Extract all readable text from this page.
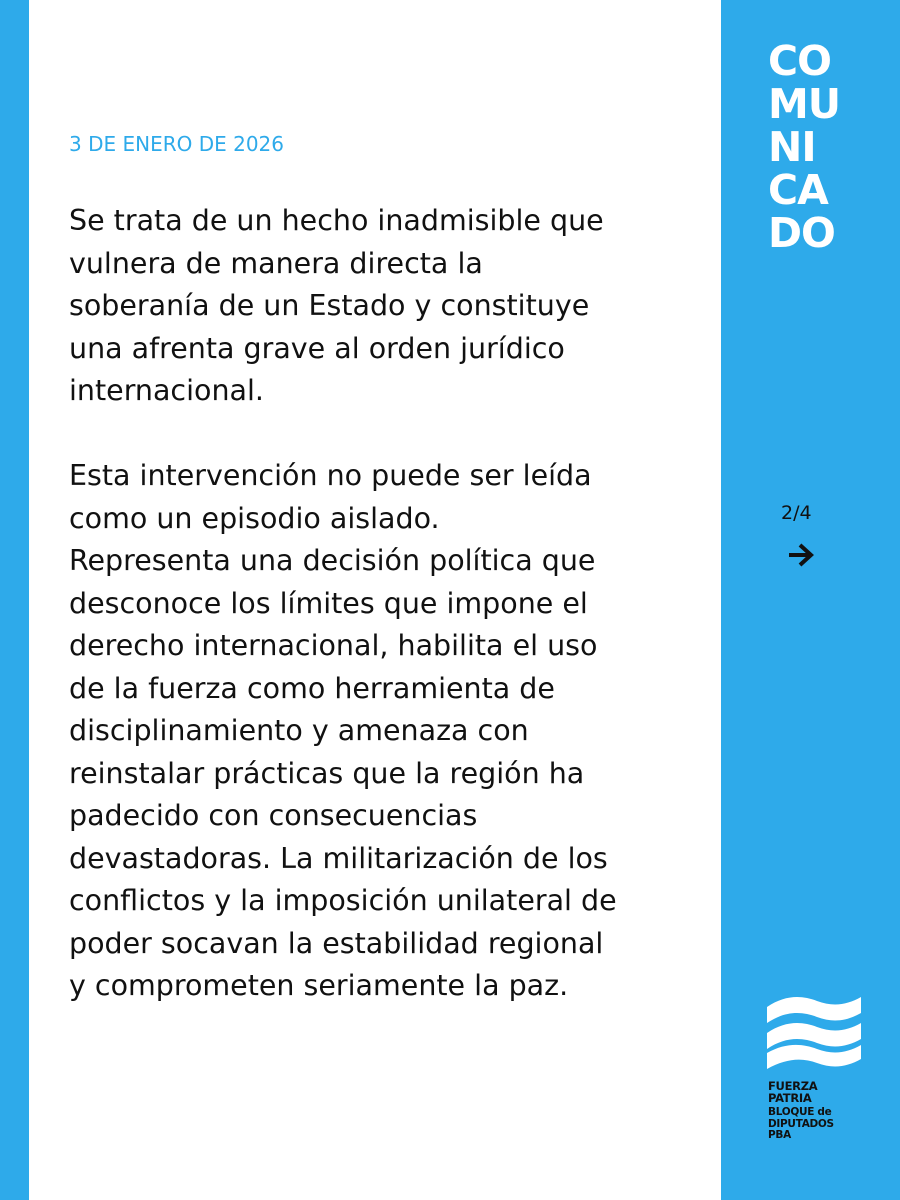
3 DE ENERO DE 2026

Se trata de un hecho inadmisible que
vulnera de manera directa la
soberanía de un Estado y constituye
una afrenta grave al orden jurídico
internacional.

Esta intervención no puede ser leída
como un episodio aislado.
Representa una decisión política que
desconoce los límites que impone el
derecho internacional, habilita el uso
de la fuerza como herramienta de
disciplinamiento y amenaza con
reinstalar prácticas que la región ha
padecido con consecuencias
devastadoras. La militarización de los
conflictos y la imposición unilateral de
poder socavan la estabilidad regional
y comprometen seriamente la paz.

CO
MU
NI
CA
DO
2/4
FUERZA
PATRIA
BLOQUE de
DIPUTADOS
PBA
